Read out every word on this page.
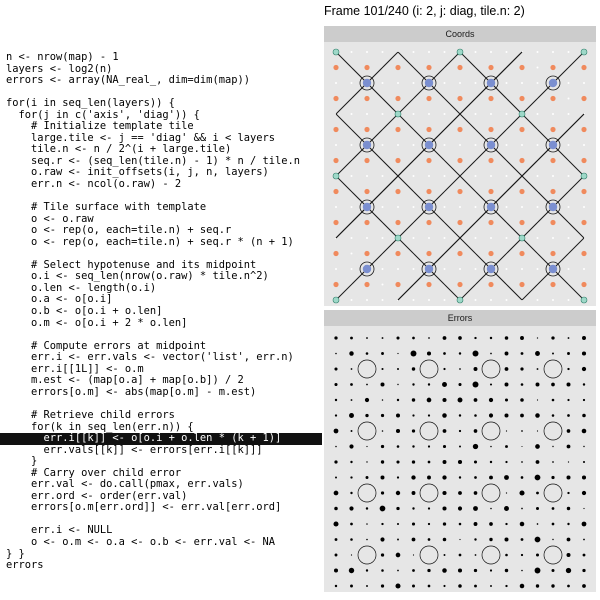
Frame 101/240 (i: 2, j: diag, tile.n: 2)
n <- nrow(map) - 1
layers <- log2(n)
errors <- array(NA_real_, dim=dim(map))
for(i in seq_len(layers)) {
for(j in c('axis', 'diag')) {
# Initialize template tile
large.tile <- j == 'diag' && i < layers
tile.n <- n / 2^(i + large.tile)
seq.r <- (seq_len(tile.n) - 1) * n / tile.n
o.raw <- init_offsets(i, j, n, layers)
err.n <- ncol(o.raw) - 2
# Tile surface with template
o <- o.raw
o <- rep(o, each=tile.n) + seq.r
o <- rep(o, each=tile.n) + seq.r * (n + 1)
# Select hypotenuse and its midpoint
o.i <- seq_len(nrow(o.raw) * tile.n^2)
o.len <- length(o.i)
o.a <- o[o.i]
o.b <- o[o.i + o.len]
o.m <- o[o.i + 2 * o.len]
# Compute errors at midpoint
err.i <- err.vals <- vector('list', err.n)
err.i[[1L]] <- o.m
m.est <- (map[o.a] + map[o.b]) / 2
errors[o.m] <- abs(map[o.m] - m.est)
# Retrieve child errors
for(k in seq_len(err.n)) {
err.i[[k]] <- o[o.i + o.len * (k + 1)]
err.vals[[k]] <- errors[err.i[[k]]]
}
# Carry over child error
err.val <- do.call(pmax, err.vals)
err.ord <- order(err.val)
errors[o.m[err.ord]] <- err.val[err.ord]
err.i <- NULL
o <- o.m <- o.a <- o.b <- err.val <- NA
} }
errors
Coords
Errors
